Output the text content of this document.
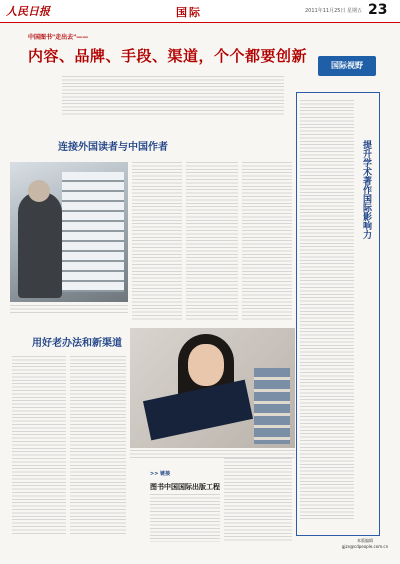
人民日报	国际	2011年11月25日 星期五 23
中国图书"走出去"——
内容、品牌、手段、渠道，个个都要创新
国际视野
连接外国读者与中国作者
用好老办法和新渠道
>> 链接
图书中国国际出版工程
提升学术著作国际影响力
本版编辑
gjzx@cdpeople.com.cn
